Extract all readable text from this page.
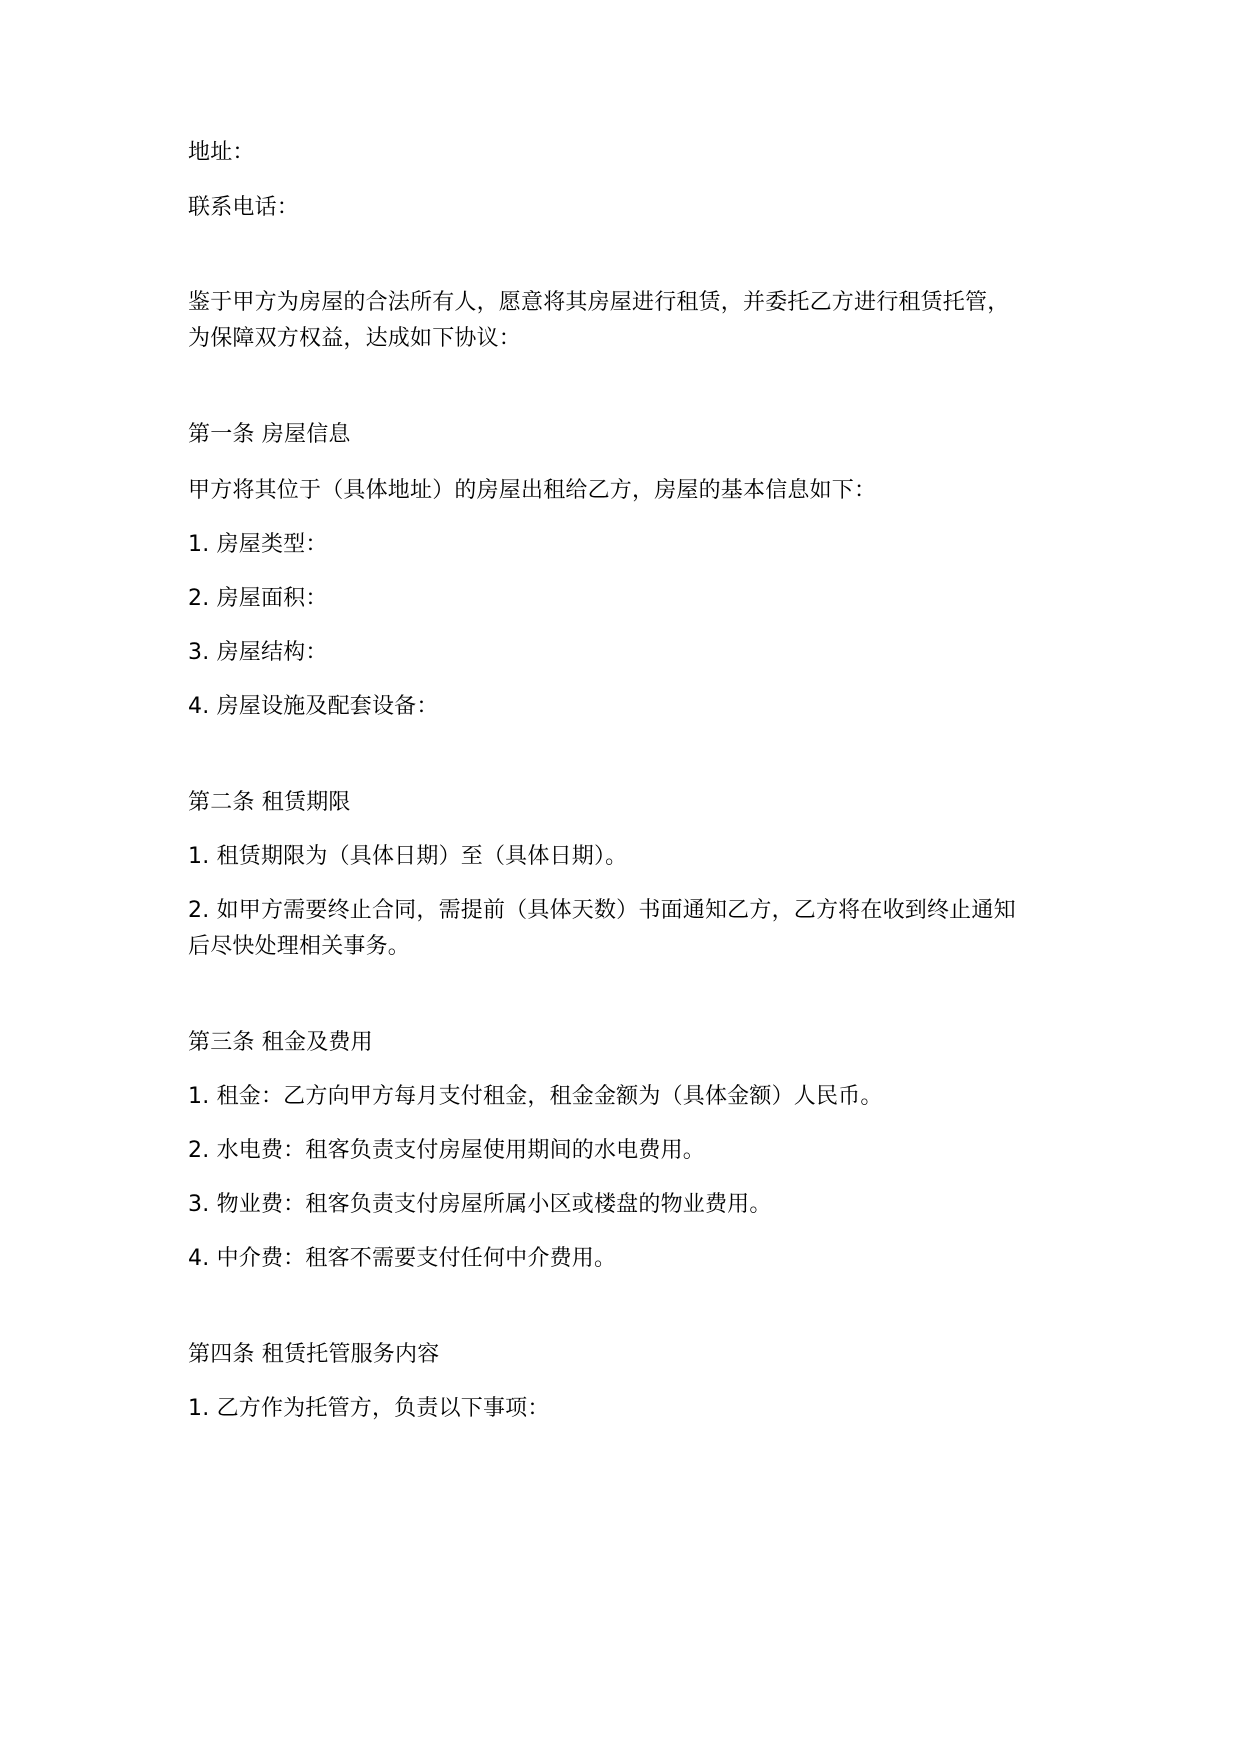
地址：
联系电话：
鉴于甲方为房屋的合法所有人，愿意将其房屋进行租赁，并委托乙方进行租赁托管，
为保障双方权益，达成如下协议：
第一条 房屋信息
甲方将其位于（具体地址）的房屋出租给乙方，房屋的基本信息如下：
1. 房屋类型：
2. 房屋面积：
3. 房屋结构：
4. 房屋设施及配套设备：
第二条 租赁期限
1. 租赁期限为（具体日期）至（具体日期）。
2. 如甲方需要终止合同，需提前（具体天数）书面通知乙方，乙方将在收到终止通知
后尽快处理相关事务。
第三条 租金及费用
1. 租金：乙方向甲方每月支付租金，租金金额为（具体金额）人民币。
2. 水电费：租客负责支付房屋使用期间的水电费用。
3. 物业费：租客负责支付房屋所属小区或楼盘的物业费用。
4. 中介费：租客不需要支付任何中介费用。
第四条 租赁托管服务内容
1. 乙方作为托管方，负责以下事项：
